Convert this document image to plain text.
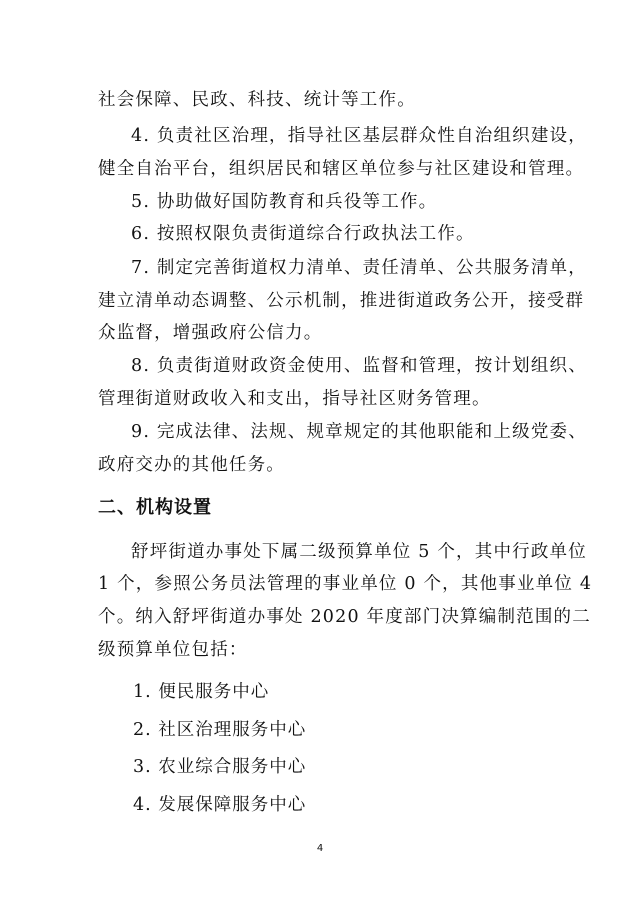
社会保障、民政、科技、统计等工作。
4. 负责社区治理，指导社区基层群众性自治组织建设，
健全自治平台，组织居民和辖区单位参与社区建设和管理。
5. 协助做好国防教育和兵役等工作。
6. 按照权限负责街道综合行政执法工作。
7. 制定完善街道权力清单、责任清单、公共服务清单，
建立清单动态调整、公示机制，推进街道政务公开，接受群
众监督，增强政府公信力。
8. 负责街道财政资金使用、监督和管理，按计划组织、
管理街道财政收入和支出，指导社区财务管理。
9. 完成法律、法规、规章规定的其他职能和上级党委、
政府交办的其他任务。
二、机构设置
舒坪街道办事处下属二级预算单位 5 个，其中行政单位
1 个，参照公务员法管理的事业单位 0 个，其他事业单位 4
个。纳入舒坪街道办事处 2020 年度部门决算编制范围的二
级预算单位包括：
1. 便民服务中心
2. 社区治理服务中心
3. 农业综合服务中心
4. 发展保障服务中心
4
